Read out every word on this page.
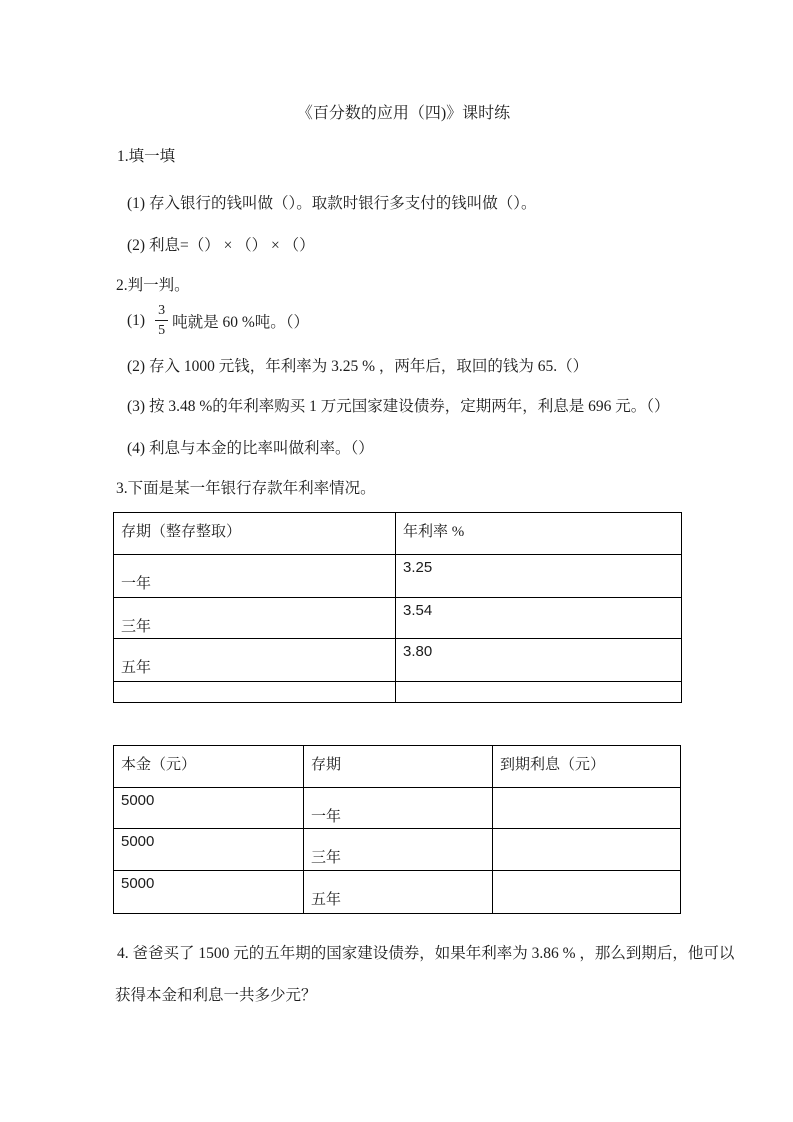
《百分数的应用（四)》课时练
1.填一填
(1) 存入银行的钱叫做（）。取款时银行多支付的钱叫做（）。
(2) 利息=（） × （） × （）
2.判一判。
$(1) \frac{3}{5}$ 吨就是 60 %吨。（）
(2) 存入 1000 元钱，年利率为 3.25 % ，两年后，取回的钱为 65.（）
(3) 按 3.48 %的年利率购买 1 万元国家建设债券，定期两年，利息是 696 元。（）
(4) 利息与本金的比率叫做利率。（）
3.下面是某一年银行存款年利率情况。
存期（整存整取）	年利率 %
一年	3.25
三年	3.54
五年	3.80

本金（元）	存期	到期利息（元）
5000	一年	
5000	三年	
5000	五年	
4. 爸爸买了 1500 元的五年期的国家建设债券，如果年利率为 3.86 % ，那么到期后，他可以
获得本金和利息一共多少元？
